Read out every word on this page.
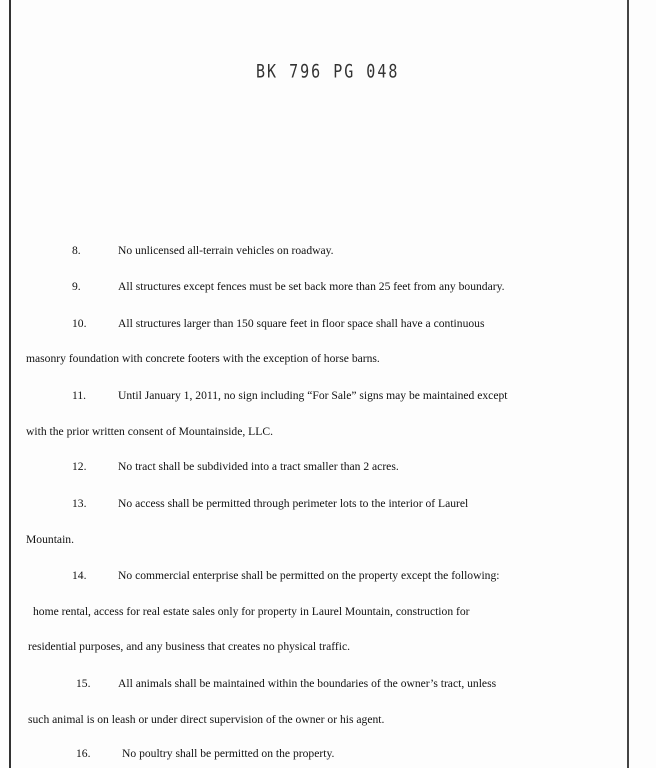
BK 796 PG 048
8.	No unlicensed all-terrain vehicles on roadway.
9.	All structures except fences must be set back more than 25 feet from any boundary.
10.	All structures larger than 150 square feet in floor space shall have a continuous
masonry foundation with concrete footers with the exception of horse barns.
11.	Until January 1, 2011, no sign including “For Sale” signs may be maintained except
with the prior written consent of Mountainside, LLC.
12.	No tract shall be subdivided into a tract smaller than 2 acres.
13.	No access shall be permitted through perimeter lots to the interior of Laurel
Mountain.
14.	No commercial enterprise shall be permitted on the property except the following:
home rental, access for real estate sales only for property in Laurel Mountain, construction for
residential purposes, and any business that creates no physical traffic.
15. All animals shall be maintained within the boundaries of the owner’s tract, unless
such animal is on leash or under direct supervision of the owner or his agent.
16.	No poultry shall be permitted on the property.
